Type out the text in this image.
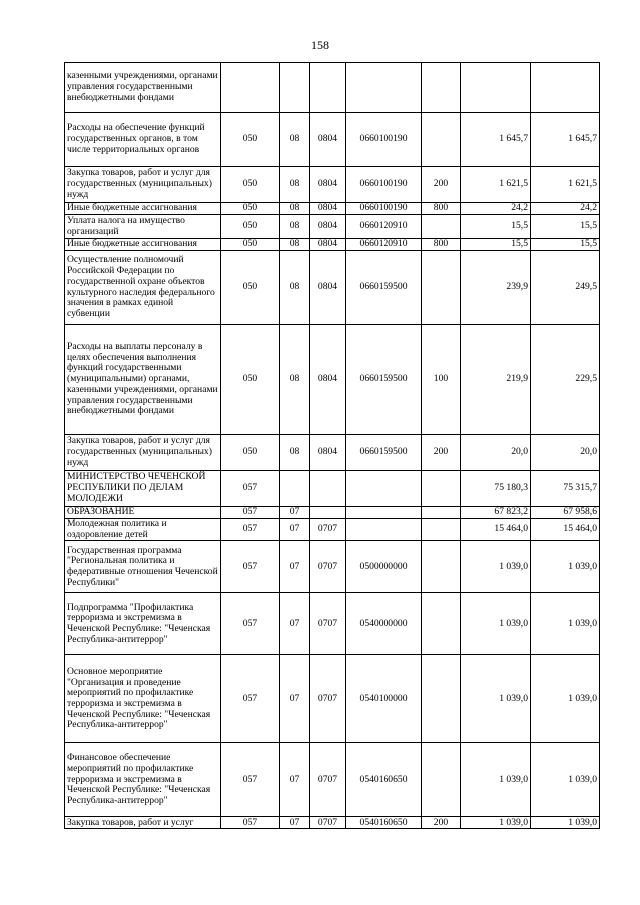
158
казенными учреждениями, органами управления государственными внебюджетными фондами							
Расходы на обеспечение функций государственных органов, в том числе территориальных органов	050	08	0804	0660100190		1 645,7	1 645,7
Закупка товаров, работ и услуг для государственных (муниципальных) нужд	050	08	0804	0660100190	200	1 621,5	1 621,5
Иные бюджетные ассигнования	050	08	0804	0660100190	800	24,2	24,2
Уплата налога на имущество организаций	050	08	0804	0660120910		15,5	15,5
Иные бюджетные ассигнования	050	08	0804	0660120910	800	15,5	15,5
Осуществление полномочий Российской Федерации по государственной охране объектов культурного наследия федерального значения в рамках единой субвенции	050	08	0804	0660159500		239,9	249,5
Расходы на выплаты персоналу в целях обеспечения выполнения функций государственными (муниципальными) органами, казенными учреждениями, органами управления государственными внебюджетными фондами	050	08	0804	0660159500	100	219,9	229,5
Закупка товаров, работ и услуг для государственных (муниципальных) нужд	050	08	0804	0660159500	200	20,0	20,0
МИНИСТЕРСТВО ЧЕЧЕНСКОЙ РЕСПУБЛИКИ ПО ДЕЛАМ МОЛОДЕЖИ	057					75 180,3	75 315,7
ОБРАЗОВАНИЕ	057	07				67 823,2	67 958,6
Молодежная политика и оздоровление детей	057	07	0707			15 464,0	15 464,0
Государственная программа "Региональная политика и федеративные отношения Чеченской Республики"	057	07	0707	0500000000		1 039,0	1 039,0
Подпрограмма "Профилактика терроризма и экстремизма в Чеченской Республике: "Чеченская Республика-антитеррор"	057	07	0707	0540000000		1 039,0	1 039,0
Основное мероприятие "Организация и проведение мероприятий по профилактике терроризма и экстремизма в Чеченской Республике: "Чеченская Республика-антитеррор"	057	07	0707	0540100000		1 039,0	1 039,0
Финансовое обеспечение мероприятий по профилактике терроризма и экстремизма в Чеченской Республике: "Чеченская Республика-антитеррор"	057	07	0707	0540160650		1 039,0	1 039,0
Закупка товаров, работ и услуг	057	07	0707	0540160650	200	1 039,0	1 039,0
